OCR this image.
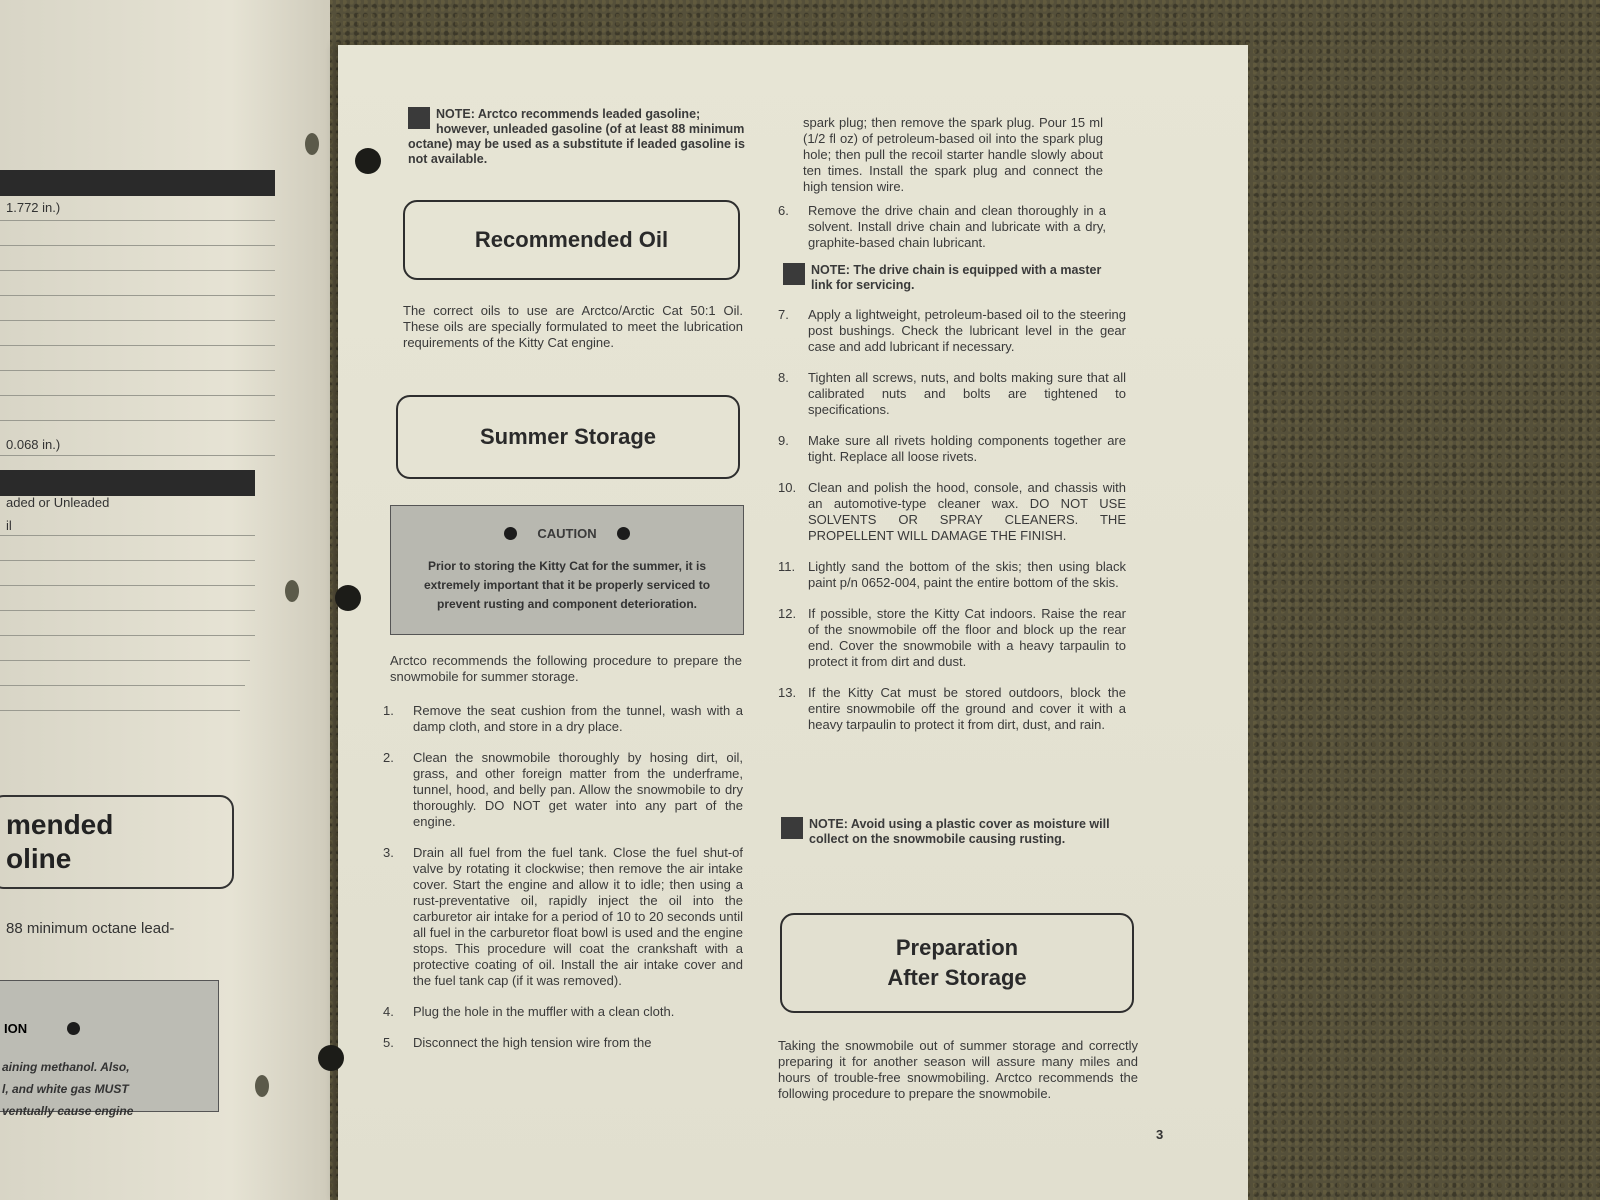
1.772 in.)
0.068 in.)
aded or Unleaded
il
mended
oline
88 minimum octane lead-
ION
aining methanol. Also,
l, and white gas MUST
ventually cause engine
NOTE: Arctco recommends leaded gasoline; however, unleaded gasoline (of at least 88 minimum octane) may be used as a substitute if leaded gasoline is not available.
Recommended Oil
The correct oils to use are Arctco/Arctic Cat 50:1 Oil. These oils are specially formulated to meet the lubrication requirements of the Kitty Cat engine.
Summer Storage
CAUTION
Prior to storing the Kitty Cat for the summer, it is extremely important that it be properly serviced to prevent rusting and component deterioration.
Arctco recommends the following procedure to prepare the snowmobile for summer storage.
1.	Remove the seat cushion from the tunnel, wash with a damp cloth, and store in a dry place.
2.	Clean the snowmobile thoroughly by hosing dirt, oil, grass, and other foreign matter from the underframe, tunnel, hood, and belly pan. Allow the snowmobile to dry thoroughly. DO NOT get water into any part of the engine.
3.	Drain all fuel from the fuel tank. Close the fuel shut-of valve by rotating it clockwise; then remove the air intake cover. Start the engine and allow it to idle; then using a rust-preventative oil, rapidly inject the oil into the carburetor air intake for a period of 10 to 20 seconds until all fuel in the carburetor float bowl is used and the engine stops. This procedure will coat the crankshaft with a protective coating of oil. Install the air intake cover and the fuel tank cap (if it was removed).
4.	Plug the hole in the muffler with a clean cloth.
5.	Disconnect the high tension wire from the
spark plug; then remove the spark plug. Pour 15 ml (1/2 fl oz) of petroleum-based oil into the spark plug hole; then pull the recoil starter handle slowly about ten times. Install the spark plug and connect the high tension wire.
6.	Remove the drive chain and clean thoroughly in a solvent. Install drive chain and lubricate with a dry, graphite-based chain lubricant.
NOTE: The drive chain is equipped with a master link for servicing.
7.	Apply a lightweight, petroleum-based oil to the steering post bushings. Check the lubricant level in the gear case and add lubricant if necessary.
8.	Tighten all screws, nuts, and bolts making sure that all calibrated nuts and bolts are tightened to specifications.
9.	Make sure all rivets holding components together are tight. Replace all loose rivets.
10. Clean and polish the hood, console, and chassis with an automotive-type cleaner wax. DO NOT USE SOLVENTS OR SPRAY CLEANERS. THE PROPELLENT WILL DAMAGE THE FINISH.
11. Lightly sand the bottom of the skis; then using black paint p/n 0652-004, paint the entire bottom of the skis.
12. If possible, store the Kitty Cat indoors. Raise the rear of the snowmobile off the floor and block up the rear end. Cover the snowmobile with a heavy tarpaulin to protect it from dirt and dust.
13. If the Kitty Cat must be stored outdoors, block the entire snowmobile off the ground and cover it with a heavy tarpaulin to protect it from dirt, dust, and rain.
NOTE: Avoid using a plastic cover as moisture will collect on the snowmobile causing rusting.
Preparation
After Storage
Taking the snowmobile out of summer storage and correctly preparing it for another season will assure many miles and hours of trouble-free snowmobiling. Arctco recommends the following procedure to prepare the snowmobile.
3
